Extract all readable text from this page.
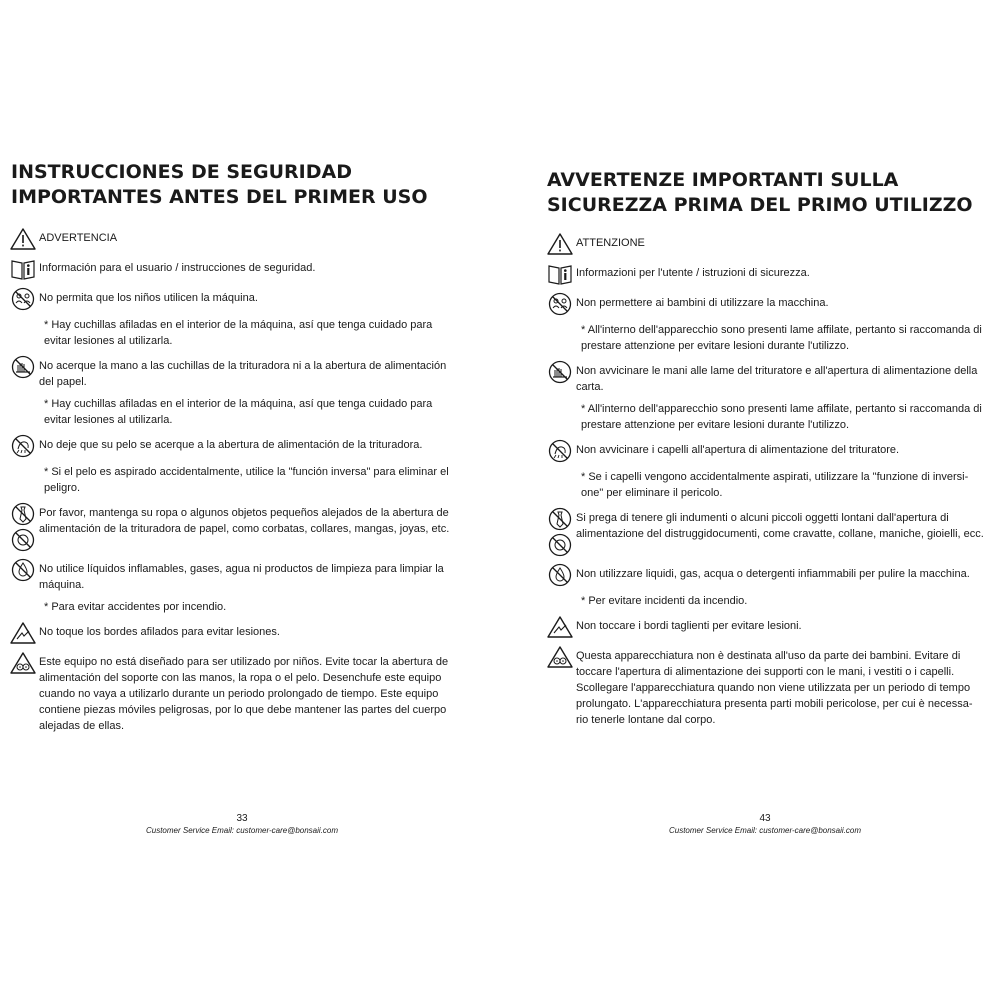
INSTRUCCIONES DE SEGURIDAD IMPORTANTES ANTES DEL PRIMER USO
ADVERTENCIA
Información para el usuario / instrucciones de seguridad.
No permita que los niños utilicen la máquina.
* Hay cuchillas afiladas en el interior de la máquina, así que tenga cuidado para evitar lesiones al utilizarla.
No acerque la mano a las cuchillas de la trituradora ni a la abertura de alimentación del papel.
* Hay cuchillas afiladas en el interior de la máquina, así que tenga cuidado para evitar lesiones al utilizarla.
No deje que su pelo se acerque a la abertura de alimentación de la trituradora.
* Si el pelo es aspirado accidentalmente, utilice la "función inversa" para eliminar el peligro.
Por favor, mantenga su ropa o algunos objetos pequeños alejados de la abertura de alimentación de la trituradora de papel, como corbatas, collares, mangas, joyas, etc.
No utilice líquidos inflamables, gases, agua ni productos de limpieza para limpiar la máquina.
* Para evitar accidentes por incendio.
No toque los bordes afilados para evitar lesiones.
Este equipo no está diseñado para ser utilizado por niños. Evite tocar la abertura de alimentación del soporte con las manos, la ropa o el pelo. Desenchufe este equipo cuando no vaya a utilizarlo durante un periodo prolongado de tiempo. Este equipo contiene piezas móviles peligrosas, por lo que debe mantener las partes del cuerpo alejadas de ellas.
33
Customer Service Email: customer-care@bonsaii.com
AVVERTENZE IMPORTANTI SULLA SICUREZZA PRIMA DEL PRIMO UTILIZZO
ATTENZIONE
Informazioni per l'utente / istruzioni di sicurezza.
Non permettere ai bambini di utilizzare la macchina.
* All'interno dell'apparecchio sono presenti lame affilate, pertanto si raccomanda di prestare attenzione per evitare lesioni durante l'utilizzo.
Non avvicinare le mani alle lame del trituratore e all'apertura di alimentazione della carta.
* All'interno dell'apparecchio sono presenti lame affilate, pertanto si raccomanda di prestare attenzione per evitare lesioni durante l'utilizzo.
Non avvicinare i capelli all'apertura di alimentazione del trituratore.
* Se i capelli vengono accidentalmente aspirati, utilizzare la "funzione di inversi- one" per eliminare il pericolo.
Si prega di tenere gli indumenti o alcuni piccoli oggetti lontani dall'apertura di alimentazione del distruggidocumenti, come cravatte, collane, maniche, gioielli, ecc.
Non utilizzare liquidi, gas, acqua o detergenti infiammabili per pulire la macchina.
* Per evitare incidenti da incendio.
Non toccare i bordi taglienti per evitare lesioni.
Questa apparecchiatura non è destinata all'uso da parte dei bambini. Evitare di toccare l'apertura di alimentazione dei supporti con le mani, i vestiti o i capelli. Scollegare l'apparecchiatura quando non viene utilizzata per un periodo di tempo prolungato. L'apparecchiatura presenta parti mobili pericolose, per cui è necessa- rio tenerle lontane dal corpo.
43
Customer Service Email: customer-care@bonsaii.com
